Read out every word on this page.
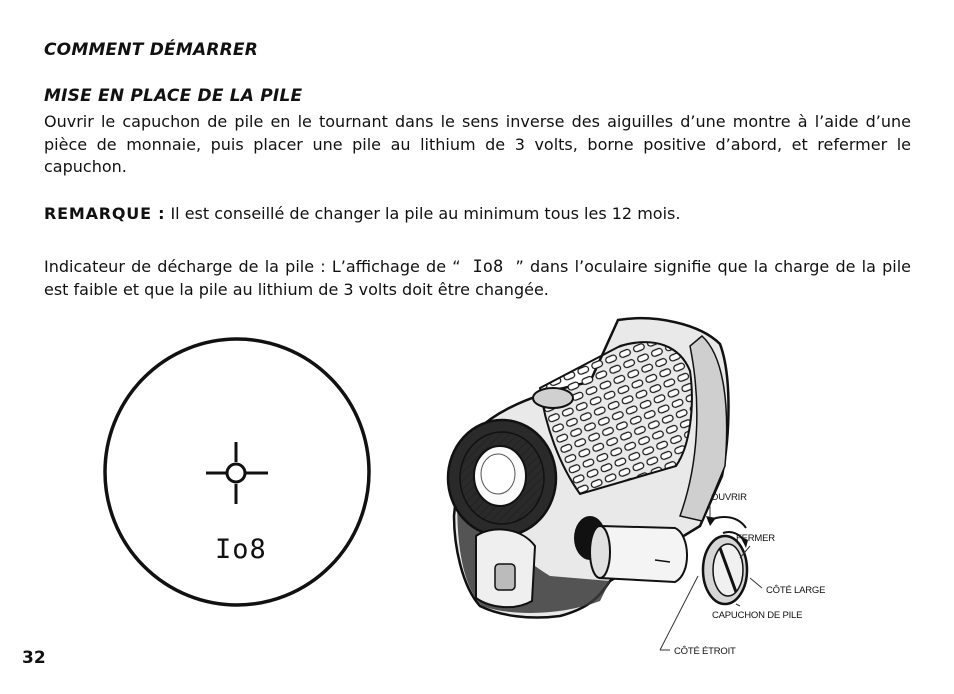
COMMENT DÉMARRER
MISE EN PLACE DE LA PILE
Ouvrir le capuchon de pile en le tournant dans le sens inverse des aiguilles d’une montre à l’aide d’une pièce de monnaie, puis placer une pile au lithium de 3 volts, borne positive d’abord, et refermer le capuchon.
REMARQUE : Il est conseillé de changer la pile au minimum tous les 12 mois.
Indicateur de décharge de la pile : L’affichage de “ Io8 ” dans l’oculaire signifie que la charge de la pile est faible et que la pile au lithium de 3 volts doit être changée.
Io8
OUVRIR
FERMER
CÔTÉ LARGE
CAPUCHON DE PILE
CÔTÉ ÉTROIT
32
